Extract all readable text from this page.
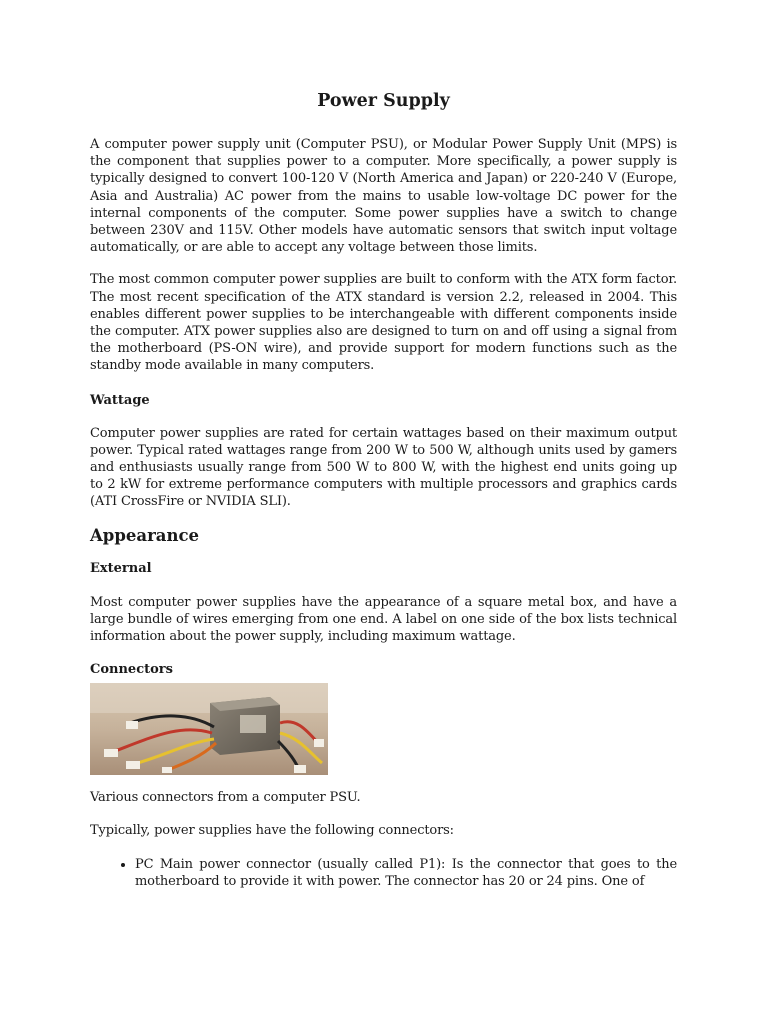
Power Supply

A computer power supply unit (Computer PSU), or Modular Power Supply Unit (MPS) is the component that supplies power to a computer. More specifically, a power supply is typically designed to convert 100-120 V (North America and Japan) or 220-240 V (Europe, Asia and Australia) AC power from the mains to usable low-voltage DC power for the internal components of the computer. Some power supplies have a switch to change between 230V and 115V. Other models have automatic sensors that switch input voltage automatically, or are able to accept any voltage between those limits.

The most common computer power supplies are built to conform with the ATX form factor. The most recent specification of the ATX standard is version 2.2, released in 2004. This enables different power supplies to be interchangeable with different components inside the computer. ATX power supplies also are designed to turn on and off using a signal from the motherboard (PS-ON wire), and provide support for modern functions such as the standby mode available in many computers.

Wattage

Computer power supplies are rated for certain wattages based on their maximum output power. Typical rated wattages range from 200 W to 500 W, although units used by gamers and enthusiasts usually range from 500 W to 800 W, with the highest end units going up to 2 kW for extreme performance computers with multiple processors and graphics cards (ATI CrossFire or NVIDIA SLI).

Appearance
External

Most computer power supplies have the appearance of a square metal box, and have a large bundle of wires emerging from one end. A label on one side of the box lists technical information about the power supply, including maximum wattage.

Connectors

Various connectors from a computer PSU.

Typically, power supplies have the following connectors:

• PC Main power connector (usually called P1): Is the connector that goes to the motherboard to provide it with power. The connector has 20 or 24 pins. One of
